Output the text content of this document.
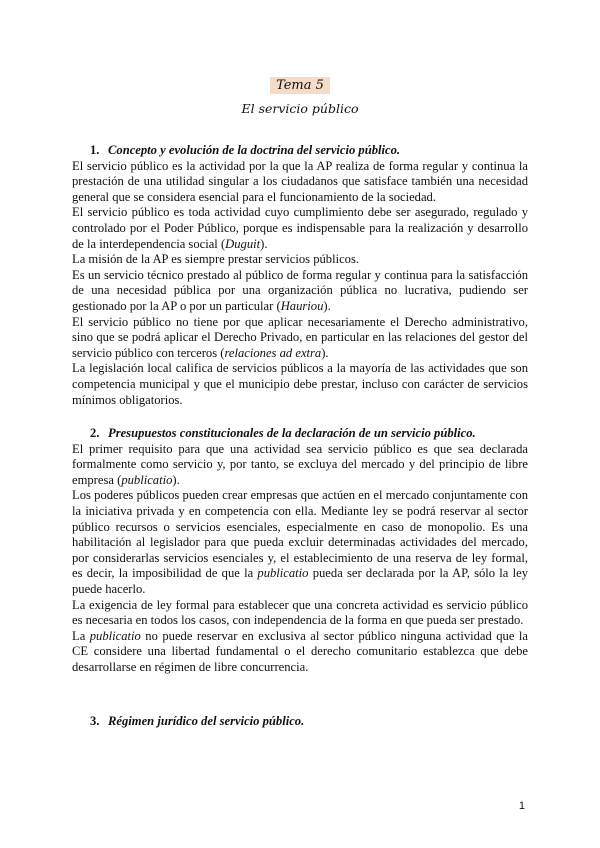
Tema 5
El servicio público
1. Concepto y evolución de la doctrina del servicio público.

El servicio público es la actividad por la que la AP realiza de forma regular y continua la prestación de una utilidad singular a los ciudadanos que satisface también una necesidad general que se considera esencial para el funcionamiento de la sociedad.

El servicio público es toda actividad cuyo cumplimiento debe ser asegurado, regulado y controlado por el Poder Público, porque es indispensable para la realización y desarrollo de la interdependencia social (Duguit).

La misión de la AP es siempre prestar servicios públicos.

Es un servicio técnico prestado al público de forma regular y continua para la satisfacción de una necesidad pública por una organización pública no lucrativa, pudiendo ser gestionado por la AP o por un particular (Hauriou).

El servicio público no tiene por que aplicar necesariamente el Derecho administrativo, sino que se podrá aplicar el Derecho Privado, en particular en las relaciones del gestor del servicio público con terceros (relaciones ad extra).

La legislación local califica de servicios públicos a la mayoría de las actividades que son competencia municipal y que el municipio debe prestar, incluso con carácter de servicios mínimos obligatorios.

2. Presupuestos constitucionales de la declaración de un servicio público.

El primer requisito para que una actividad sea servicio público es que sea declarada formalmente como servicio y, por tanto, se excluya del mercado y del principio de libre empresa (publicatio).

Los poderes públicos pueden crear empresas que actúen en el mercado conjuntamente con la iniciativa privada y en competencia con ella. Mediante ley se podrá reservar al sector público recursos o servicios esenciales, especialmente en caso de monopolio. Es una habilitación al legislador para que pueda excluir determinadas actividades del mercado, por considerarlas servicios esenciales y, el establecimiento de una reserva de ley formal, es decir, la imposibilidad de que la publicatio pueda ser declarada por la AP, sólo la ley puede hacerlo.

La exigencia de ley formal para establecer que una concreta actividad es servicio público es necesaria en todos los casos, con independencia de la forma en que pueda ser prestado.

La publicatio no puede reservar en exclusiva al sector público ninguna actividad que la CE considere una libertad fundamental o el derecho comunitario establezca que debe desarrollarse en régimen de libre concurrencia.

3. Régimen jurídico del servicio público.
1
